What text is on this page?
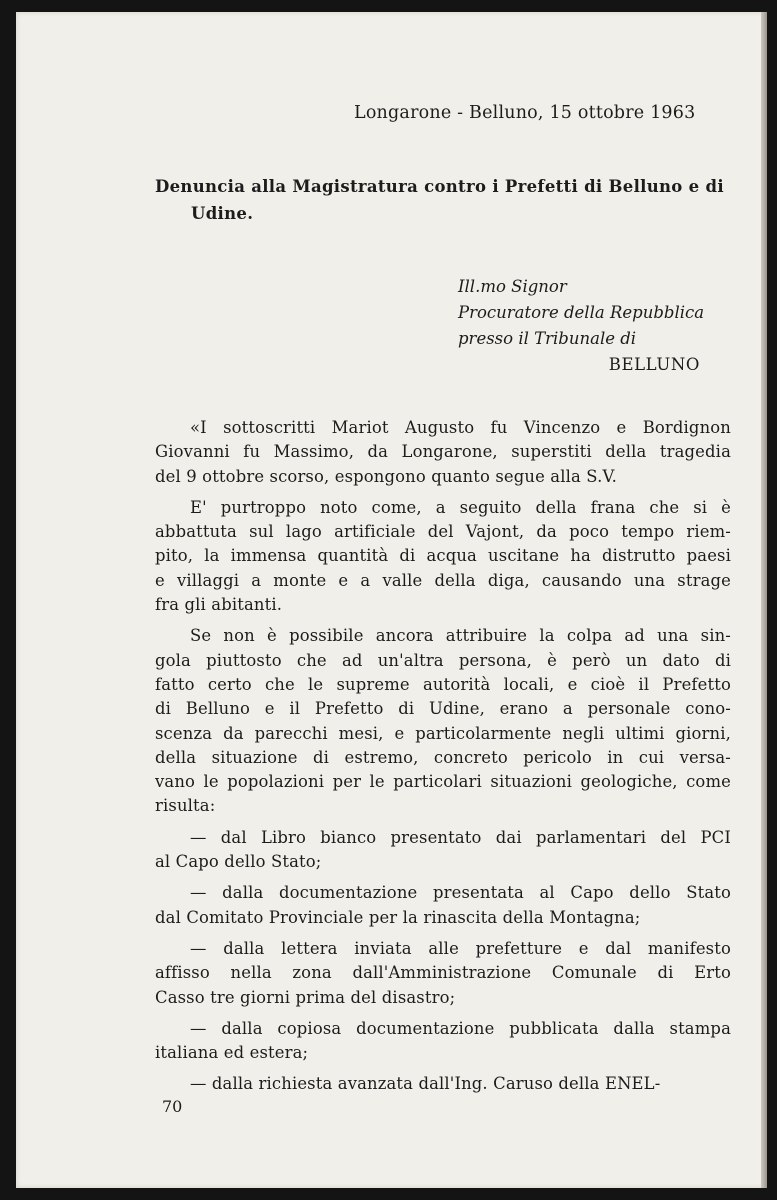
Longarone - Belluno, 15 ottobre 1963
Denuncia alla Magistratura contro i Prefetti di Belluno e di
Udine.
Ill.mo Signor
Procuratore della Repubblica
presso il Tribunale di
BELLUNO

«I sottoscritti Mariot Augusto fu Vincenzo e Bordignon
Giovanni fu Massimo, da Longarone, superstiti della tragedia
del 9 ottobre scorso, espongono quanto segue alla S.V.

E' purtroppo noto come, a seguito della frana che si è
abbattuta sul lago artificiale del Vajont, da poco tempo riem-
pito, la immensa quantità di acqua uscitane ha distrutto paesi
e villaggi a monte e a valle della diga, causando una strage
fra gli abitanti.

Se non è possibile ancora attribuire la colpa ad una sin-
gola piuttosto che ad un'altra persona, è però un dato di
fatto certo che le supreme autorità locali, e cioè il Prefetto
di Belluno e il Prefetto di Udine, erano a personale cono-
scenza da parecchi mesi, e particolarmente negli ultimi giorni,
della situazione di estremo, concreto pericolo in cui versa-
vano le popolazioni per le particolari situazioni geologiche, come
risulta:

— dal Libro bianco presentato dai parlamentari del PCI
al Capo dello Stato;

— dalla documentazione presentata al Capo dello Stato
dal Comitato Provinciale per la rinascita della Montagna;

— dalla lettera inviata alle prefetture e dal manifesto
affisso nella zona dall'Amministrazione Comunale di Erto
Casso tre giorni prima del disastro;

— dalla copiosa documentazione pubblicata dalla stampa
italiana ed estera;

— dalla richiesta avanzata dall'Ing. Caruso della ENEL-

70
